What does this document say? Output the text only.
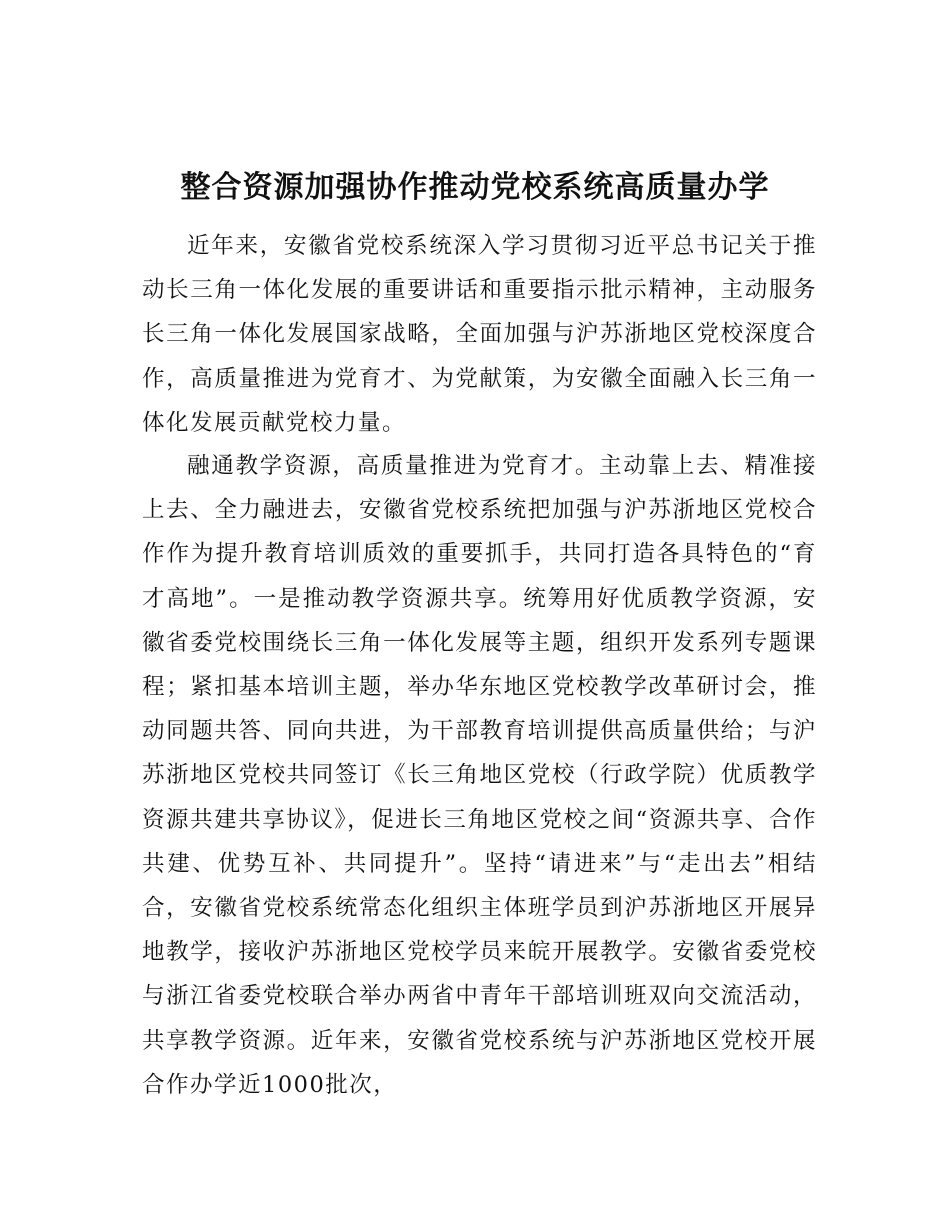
整合资源加强协作推动党校系统高质量办学

近年来，安徽省党校系统深入学习贯彻习近平总书记关于推动长三角一体化发展的重要讲话和重要指示批示精神，主动服务长三角一体化发展国家战略，全面加强与沪苏浙地区党校深度合作，高质量推进为党育才、为党献策，为安徽全面融入长三角一体化发展贡献党校力量。

融通教学资源，高质量推进为党育才。主动靠上去、精准接上去、全力融进去，安徽省党校系统把加强与沪苏浙地区党校合作作为提升教育培训质效的重要抓手，共同打造各具特色的“育才高地”。一是推动教学资源共享。统筹用好优质教学资源，安徽省委党校围绕长三角一体化发展等主题，组织开发系列专题课程；紧扣基本培训主题，举办华东地区党校教学改革研讨会，推动同题共答、同向共进，为干部教育培训提供高质量供给；与沪苏浙地区党校共同签订《长三角地区党校（行政学院）优质教学资源共建共享协议》，促进长三角地区党校之间“资源共享、合作共建、优势互补、共同提升”。坚持“请进来”与“走出去”相结合，安徽省党校系统常态化组织主体班学员到沪苏浙地区开展异地教学，接收沪苏浙地区党校学员来皖开展教学。安徽省委党校与浙江省委党校联合举办两省中青年干部培训班双向交流活动，共享教学资源。近年来，安徽省党校系统与沪苏浙地区党校开展合作办学近1000批次，
